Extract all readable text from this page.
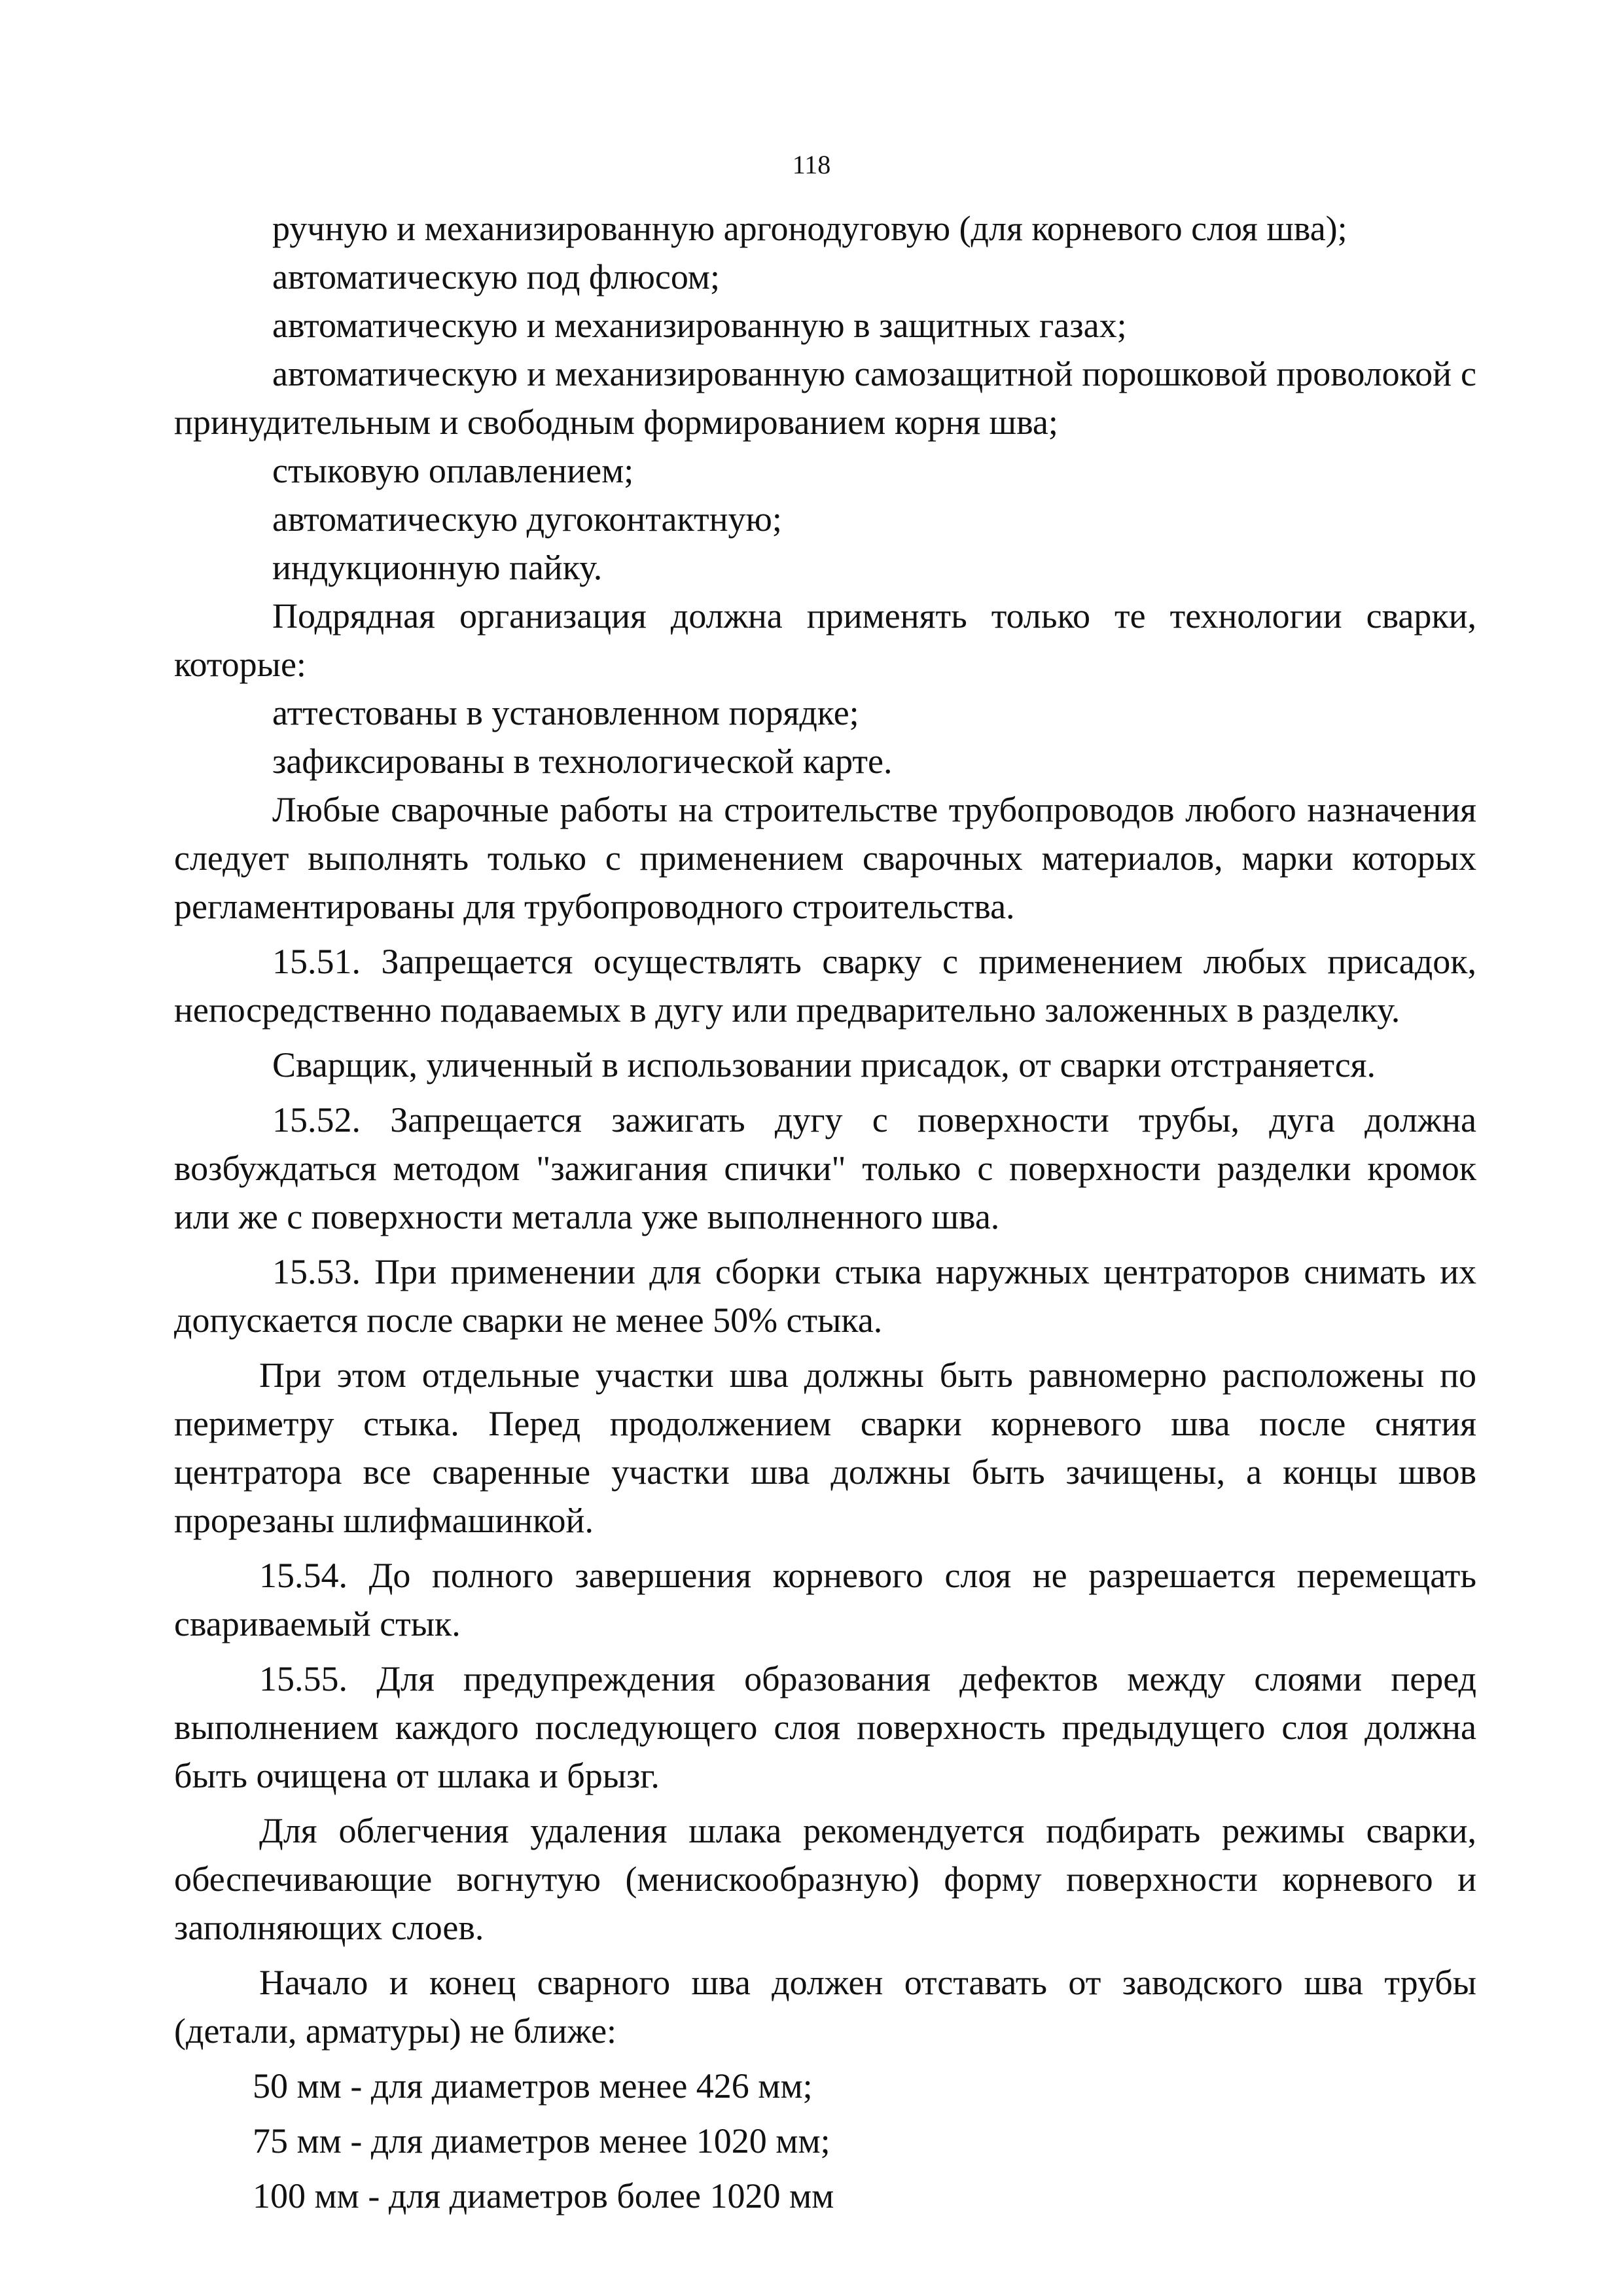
118

ручную и механизированную аргонодуговую (для корневого слоя шва);

автоматическую под флюсом;

автоматическую и механизированную в защитных газах;

автоматическую и механизированную самозащитной порошковой проволокой с принудительным и свободным формированием корня шва;

стыковую оплавлением;

автоматическую дугоконтактную;

индукционную пайку.

Подрядная организация должна применять только те технологии сварки, которые:

аттестованы в установленном порядке;

зафиксированы в технологической карте.

Любые сварочные работы на строительстве трубопроводов любого назначения следует выполнять только с применением сварочных материалов, марки которых регламентированы для трубопроводного строительства.

15.51. Запрещается осуществлять сварку с применением любых присадок, непосредственно подаваемых в дугу или предварительно заложенных в разделку.

Сварщик, уличенный в использовании присадок, от сварки отстраняется.

15.52. Запрещается зажигать дугу с поверхности трубы, дуга должна возбуждаться методом "зажигания спички" только с поверхности разделки кромок или же с поверхности металла уже выполненного шва.

15.53. При применении для сборки стыка наружных центраторов снимать их допускается после сварки не менее 50% стыка.

При этом отдельные участки шва должны быть равномерно расположены по периметру стыка. Перед продолжением сварки корневого шва после снятия центратора все сваренные участки шва должны быть зачищены, а концы швов прорезаны шлифмашинкой.

15.54. До полного завершения корневого слоя не разрешается перемещать свариваемый стык.

15.55. Для предупреждения образования дефектов между слоями перед выполнением каждого последующего слоя поверхность предыдущего слоя должна быть очищена от шлака и брызг.

Для облегчения удаления шлака рекомендуется подбирать режимы сварки, обеспечивающие вогнутую (менискообразную) форму поверхности корневого и заполняющих слоев.

Начало и конец сварного шва должен отставать от заводского шва трубы (детали, арматуры) не ближе:

50 мм - для диаметров менее 426 мм;

75 мм - для диаметров менее 1020 мм;

100 мм - для диаметров более 1020 мм
